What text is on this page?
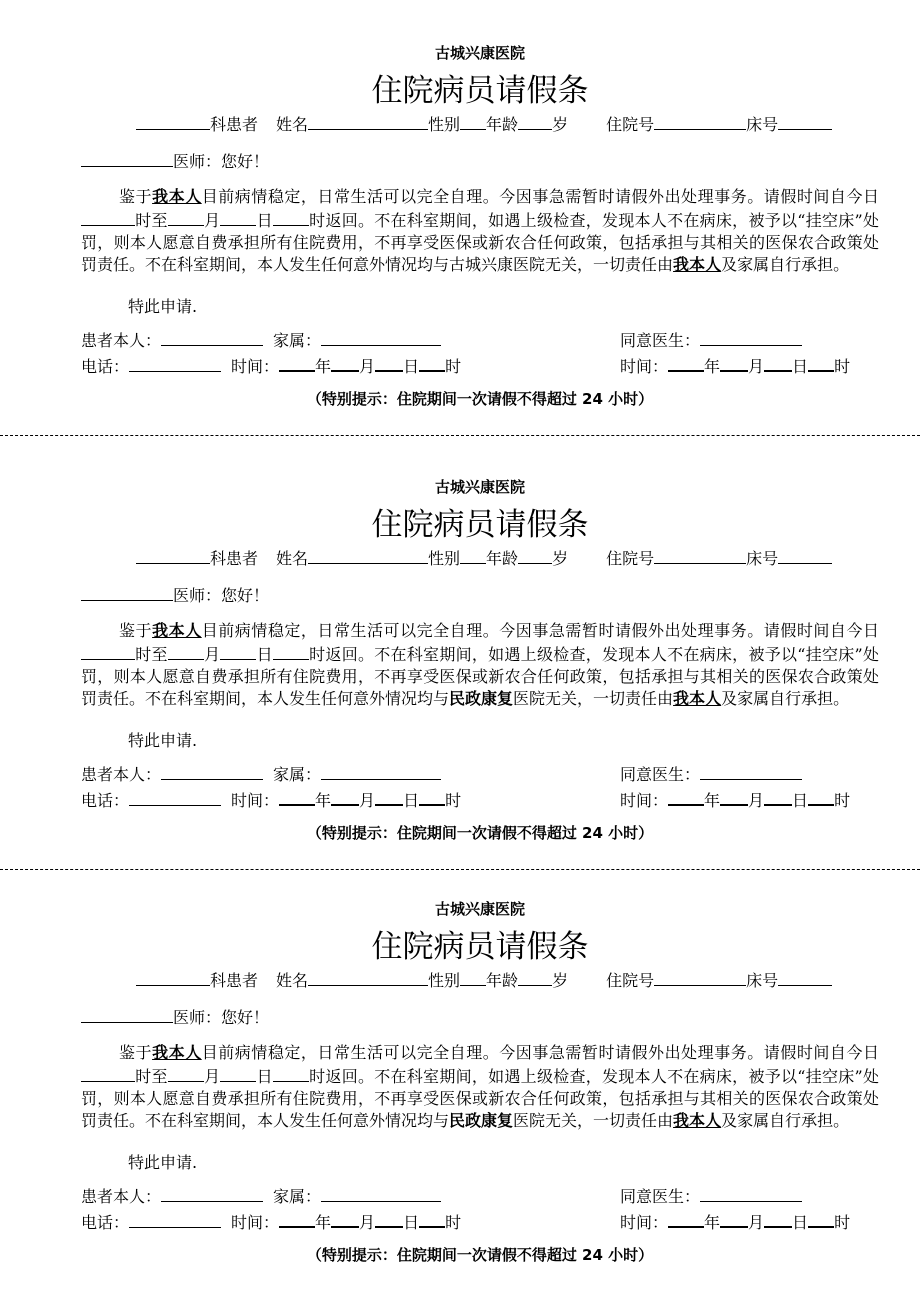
古城兴康医院
住院病员请假条
科患者 姓名	性别 年龄 岁 住院号	床号
医师：您好！
鉴于我本人目前病情稳定，日常生活可以完全自理。今因事急需暂时请假外出处理事务。请假时间自今日时至 月 日 时返回。不在科室期间，如遇上级检查，发现本人不在病床，被予以“挂空床”处罚，则本人愿意自费承担所有住院费用，不再享受医保或新农合任何政策，包括承担与其相关的医保农合政策处罚责任。不在科室期间，本人发生任何意外情况均与古城兴康医院无关，一切责任由我本人及家属自行承担。
特此申请.
患者本人：	家属：	同意医生：
电话：	时间： 年 月 日 时	时间： 年 月 日 时
（特别提示：住院期间一次请假不得超过 24 小时）
古城兴康医院
住院病员请假条
科患者 姓名	性别 年龄 岁 住院号	床号
医师：您好！
鉴于我本人目前病情稳定，日常生活可以完全自理。今因事急需暂时请假外出处理事务。请假时间自今日时至 月 日 时返回。不在科室期间，如遇上级检查，发现本人不在病床，被予以“挂空床”处罚，则本人愿意自费承担所有住院费用，不再享受医保或新农合任何政策，包括承担与其相关的医保农合政策处罚责任。不在科室期间，本人发生任何意外情况均与民政康复医院无关，一切责任由我本人及家属自行承担。
特此申请.
患者本人：	家属：	同意医生：
电话：	时间： 年 月 日 时	时间： 年 月 日 时
（特别提示：住院期间一次请假不得超过 24 小时）
古城兴康医院
住院病员请假条
科患者 姓名	性别 年龄 岁 住院号	床号
医师：您好！
鉴于我本人目前病情稳定，日常生活可以完全自理。今因事急需暂时请假外出处理事务。请假时间自今日时至 月 日 时返回。不在科室期间，如遇上级检查，发现本人不在病床，被予以“挂空床”处罚，则本人愿意自费承担所有住院费用，不再享受医保或新农合任何政策，包括承担与其相关的医保农合政策处罚责任。不在科室期间，本人发生任何意外情况均与民政康复医院无关，一切责任由我本人及家属自行承担。
特此申请.
患者本人：	家属：	同意医生：
电话：	时间： 年 月 日 时	时间： 年 月 日 时
（特别提示：住院期间一次请假不得超过 24 小时）
